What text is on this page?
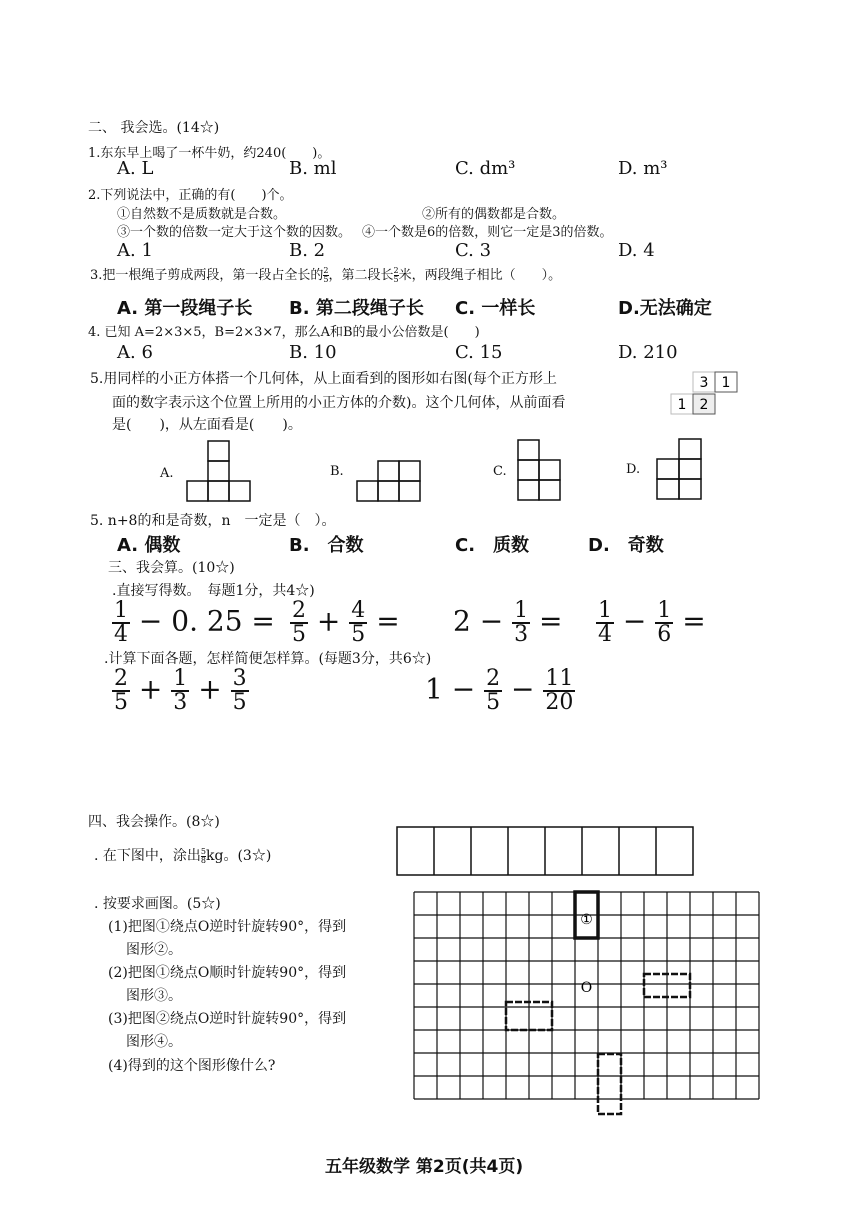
二、 我会选。(14☆)
1.东东早上喝了一杯牛奶，约240(　　)。
A. L	B. ml	C. dm³	D. m³
2.下列说法中，正确的有(　　)个。
①自然数不是质数就是合数。	②所有的偶数都是合数。
③一个数的倍数一定大于这个数的因数。 ④一个数是6的倍数，则它一定是3的倍数。
A. 1	B. 2	C. 3	D. 4
3.把一根绳子剪成两段，第一段占全长的 $\frac{2}{5}$ ，第二段长 $\frac{2}{5}$ 米，两段绳子相比（　　）。
A. 第一段绳子长 B. 第二段绳子长 C. 一样长	D.无法确定
4. 已知 A=2×3×5，B=2×3×7，那么A和B的最小公倍数是(　　)
A. 6	B. 10	C. 15	D. 210
5.用同样的小正方体搭一个几何体，从上面看到的图形如右图(每个正方形上
面的数字表示这个位置上所用的小正方体的介数)。这个几何体，从前面看
是(　　)，从左面看是(　　)。
3 1
1 2
A.	B.	C.	D.
5. n+8的和是奇数，n　一定是（　）。
A. 偶数	B.　合数	C.　质数	D.　奇数
三、我会算。(10☆)
.直接写得数。　每题1分，共4☆)
$\frac{1}{4} - 0$. $25 = \frac{2}{5} + \frac{4}{5} = 2 - \frac{1}{3} = \frac{1}{4} - \frac{1}{6}$ =
.计算下面各题，怎样简便怎样算。(每题3分，共6☆)
$\frac{2}{5} + \frac{1}{3} + \frac{3}{5}$	$1 - \frac{2}{5} - \frac{11}{20}$
四、我会操作。(8☆)
. 在下图中，涂出 $\frac{5}{8}$ kg。(3☆)
. 按要求画图。(5☆)
(1)把图①绕点O逆时针旋转90°，得到
图形②。
(2)把图①绕点O顺时针旋转90°，得到
图形③。
(3)把图②绕点O逆时针旋转90°，得到
图形④。
(4)得到的这个图形像什么?
①
O
五年级数学 第2页(共4页)
